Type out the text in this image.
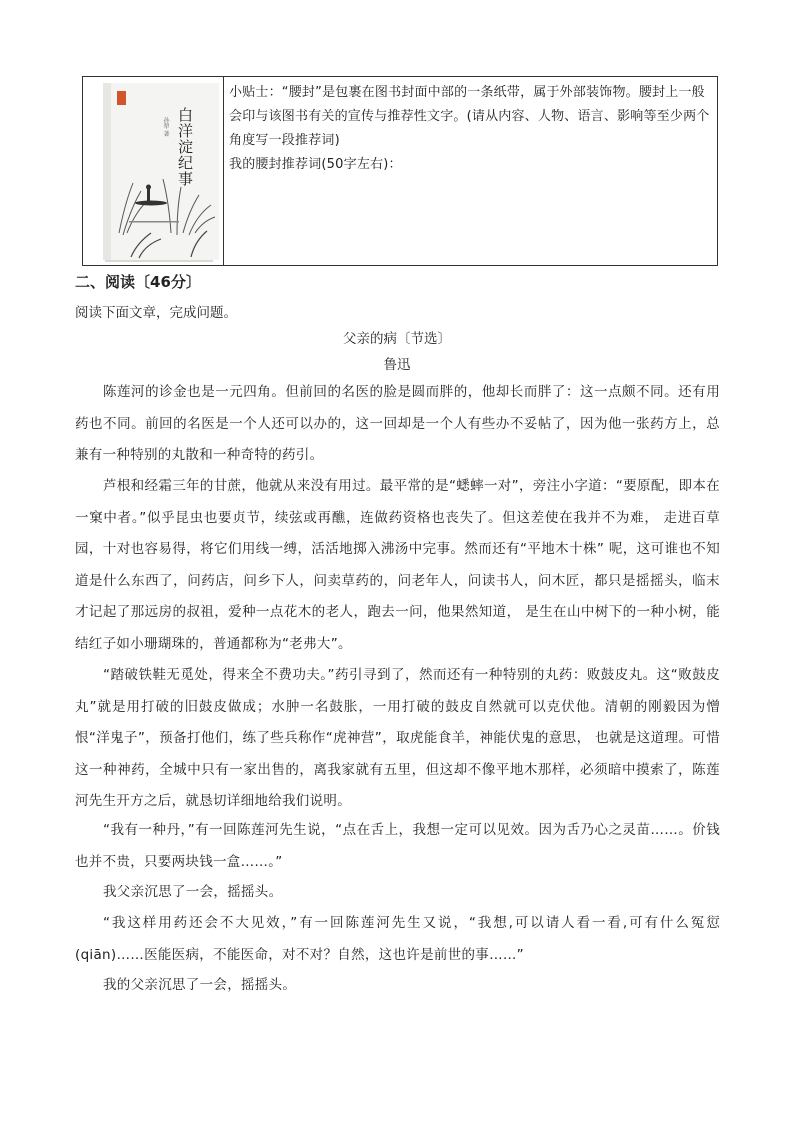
白洋淀纪事
孙犁 著

小贴士：“腰封”是包裹在图书封面中部的一条纸带，属于外部装饰物。腰封上一般会印与该图书有关的宣传与推荐性文字。(请从内容、人物、语言、影响等至少两个角度写一段推荐词)

我的腰封推荐词(50字左右)：

二、阅读〔46分〕
阅读下面文章，完成问题。
父亲的病〔节选〕
鲁迅

陈莲河的诊金也是一元四角。但前回的名医的脸是圆而胖的，他却长而胖了：这一点颇不同。还有用药也不同。前回的名医是一个人还可以办的，这一回却是一个人有些办不妥帖了，因为他一张药方上，总兼有一种特别的丸散和一种奇特的药引。

芦根和经霜三年的甘蔗，他就从来没有用过。最平常的是“蟋蟀一对”，旁注小字道：“要原配，即本在一窠中者。”似乎昆虫也要贞节，续弦或再醮，连做药资格也丧失了。但这差使在我并不为难， 走进百草园，十对也容易得，将它们用线一缚，活活地掷入沸汤中完事。然而还有“平地木十株” 呢，这可谁也不知道是什么东西了，问药店，问乡下人，问卖草药的，问老年人，问读书人，问木匠，都只是摇摇头，临末才记起了那远房的叔祖，爱种一点花木的老人，跑去一问，他果然知道， 是生在山中树下的一种小树，能结红子如小珊瑚珠的，普通都称为“老弗大”。

“踏破铁鞋无觅处，得来全不费功夫。”药引寻到了，然而还有一种特别的丸药：败鼓皮丸。这“败鼓皮丸”就是用打破的旧鼓皮做成；水肿一名鼓胀，一用打破的鼓皮自然就可以克伏他。清朝的刚毅因为憎恨“洋鬼子”，预备打他们，练了些兵称作“虎神营”，取虎能食羊，神能伏鬼的意思， 也就是这道理。可惜这一种神药，全城中只有一家出售的，离我家就有五里，但这却不像平地木那样，必须暗中摸索了，陈莲河先生开方之后，就恳切详细地给我们说明。

“我有一种丹，”有一回陈莲河先生说，“点在舌上，我想一定可以见效。因为舌乃心之灵苗……。价钱也并不贵，只要两块钱一盒……。”

我父亲沉思了一会，摇摇头。

“我这样用药还会不大见效，”有一回陈莲河先生又说，“我想,可以请人看一看,可有什么冤愆(qiān)……医能医病，不能医命，对不对？自然，这也许是前世的事……”

我的父亲沉思了一会，摇摇头。
